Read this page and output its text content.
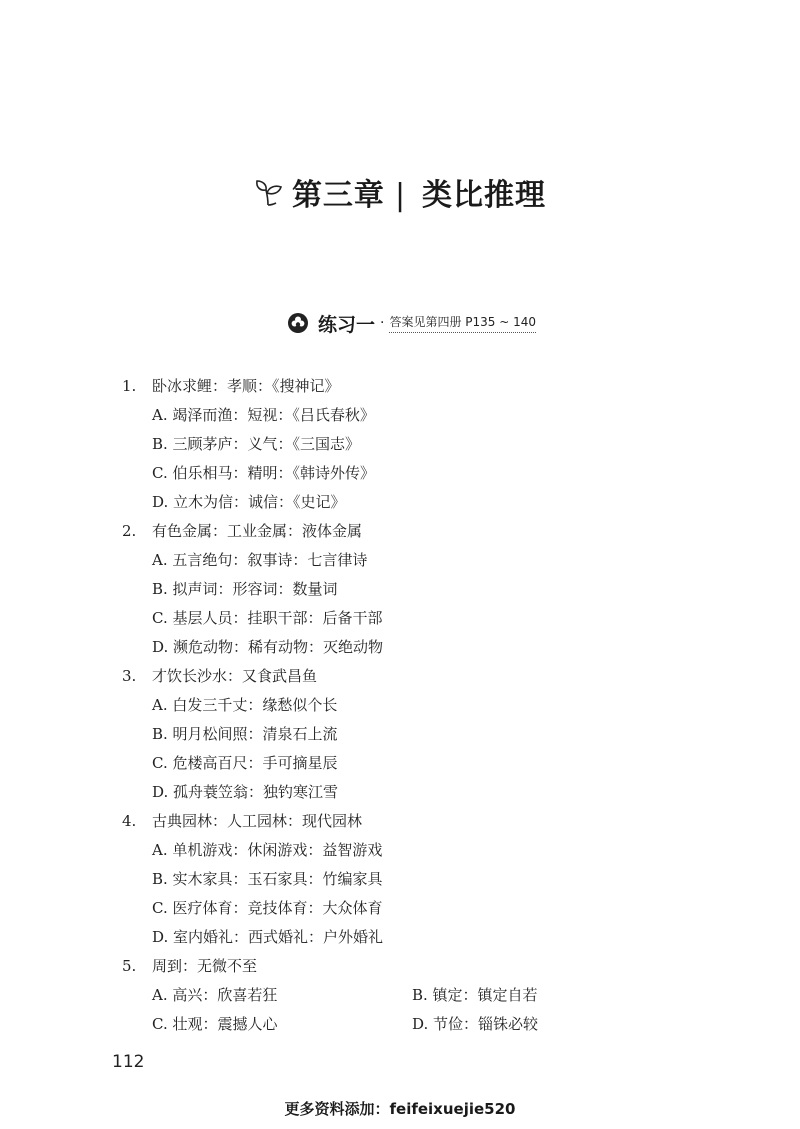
第三章 | 类比推理
练习一 · 答案见第四册 P135 ~ 140
1.	卧冰求鲤：孝顺：《搜神记》
A. 竭泽而渔：短视：《吕氏春秋》
B. 三顾茅庐：义气：《三国志》
C. 伯乐相马：精明：《韩诗外传》
D. 立木为信：诚信：《史记》
2.	有色金属：工业金属：液体金属
A. 五言绝句：叙事诗：七言律诗
B. 拟声词：形容词：数量词
C. 基层人员：挂职干部：后备干部
D. 濒危动物：稀有动物：灭绝动物
3.	才饮长沙水：又食武昌鱼
A. 白发三千丈：缘愁似个长
B. 明月松间照：清泉石上流
C. 危楼高百尺：手可摘星辰
D. 孤舟蓑笠翁：独钓寒江雪
4.	古典园林：人工园林：现代园林
A. 单机游戏：休闲游戏：益智游戏
B. 实木家具：玉石家具：竹编家具
C. 医疗体育：竞技体育：大众体育
D. 室内婚礼：西式婚礼：户外婚礼
5.	周到：无微不至
A. 高兴：欣喜若狂	B. 镇定：镇定自若
C. 壮观：震撼人心	D. 节俭：锱铢必较
112
更多资料添加：feifeixuejie520
